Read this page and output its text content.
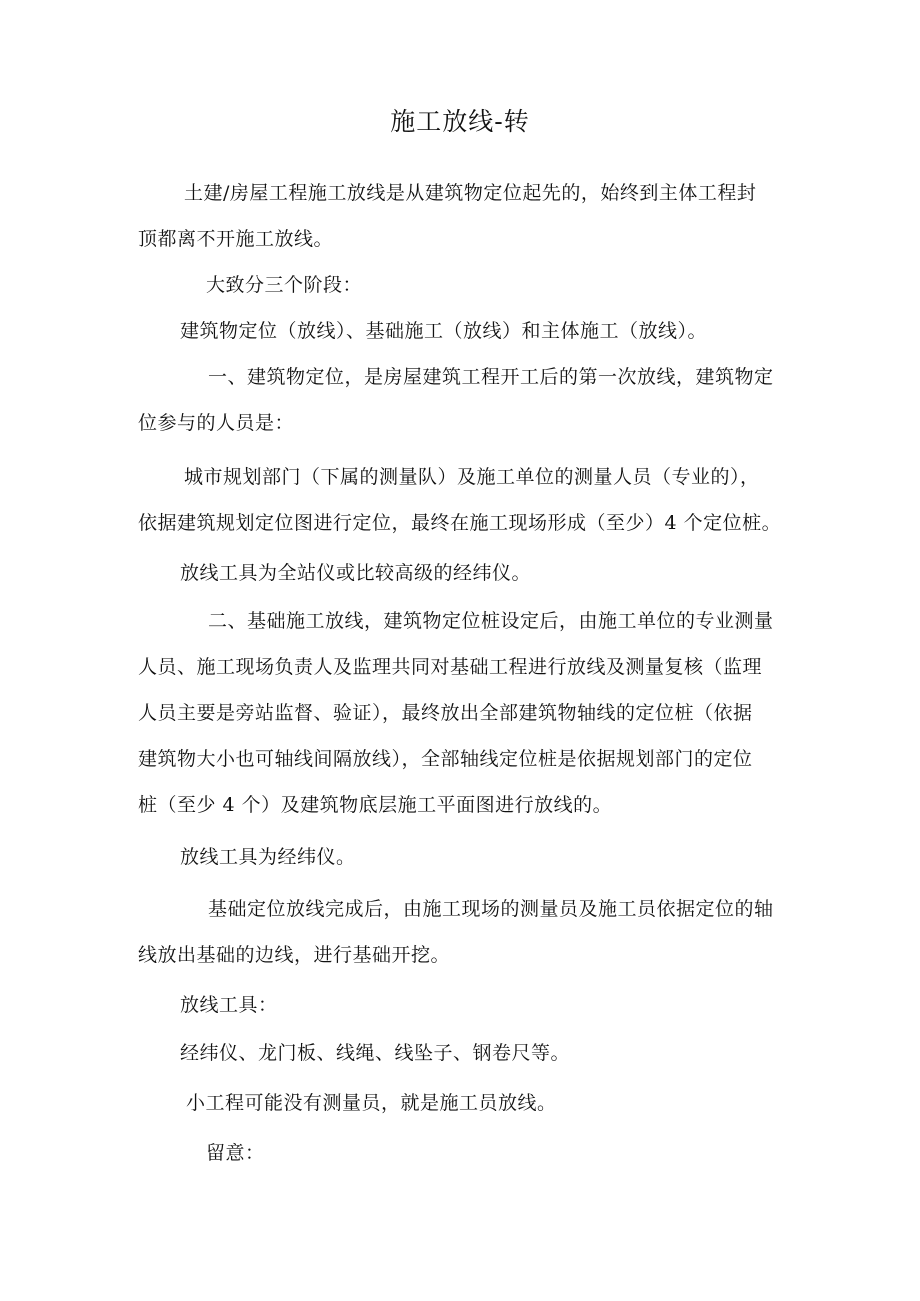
施工放线-转
土建/房屋工程施工放线是从建筑物定位起先的，始终到主体工程封
顶都离不开施工放线。
大致分三个阶段：
建筑物定位（放线）、基础施工（放线）和主体施工（放线）。
一、建筑物定位，是房屋建筑工程开工后的第一次放线，建筑物定
位参与的人员是：
城市规划部门（下属的测量队）及施工单位的测量人员（专业的），
依据建筑规划定位图进行定位，最终在施工现场形成（至少）4 个定位桩。
放线工具为全站仪或比较高级的经纬仪。
二、基础施工放线，建筑物定位桩设定后，由施工单位的专业测量
人员、施工现场负责人及监理共同对基础工程进行放线及测量复核（监理
人员主要是旁站监督、验证），最终放出全部建筑物轴线的定位桩（依据
建筑物大小也可轴线间隔放线），全部轴线定位桩是依据规划部门的定位
桩（至少 4 个）及建筑物底层施工平面图进行放线的。
放线工具为经纬仪。
基础定位放线完成后，由施工现场的测量员及施工员依据定位的轴
线放出基础的边线，进行基础开挖。
放线工具：
经纬仪、龙门板、线绳、线坠子、钢卷尺等。
小工程可能没有测量员，就是施工员放线。
留意：
